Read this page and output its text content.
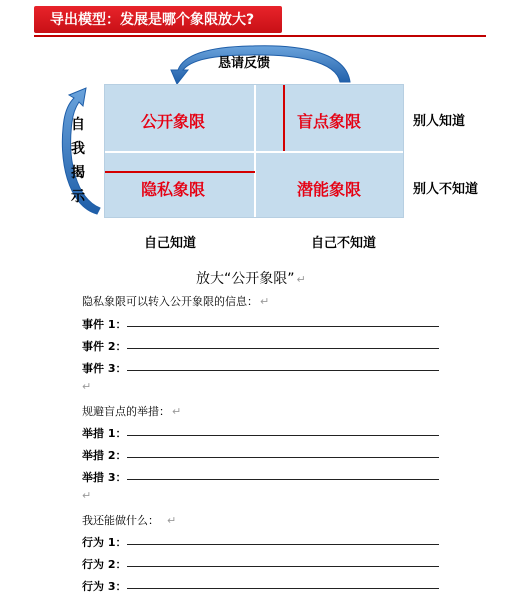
导出模型：发展是哪个象限放大?
恳请反馈
自我揭示
公开象限	盲点象限
隐私象限	潜能象限
别人知道
别人不知道
自己知道	自己不知道
放大“公开象限” ↵
隐私象限可以转入公开象限的信息： ↵
事件 1：
事件 2：
事件 3：
↵
规避盲点的举措： ↵
举措 1：
举措 2：
举措 3：
↵
我还能做什么： ↵
行为 1：
行为 2：
行为 3：
